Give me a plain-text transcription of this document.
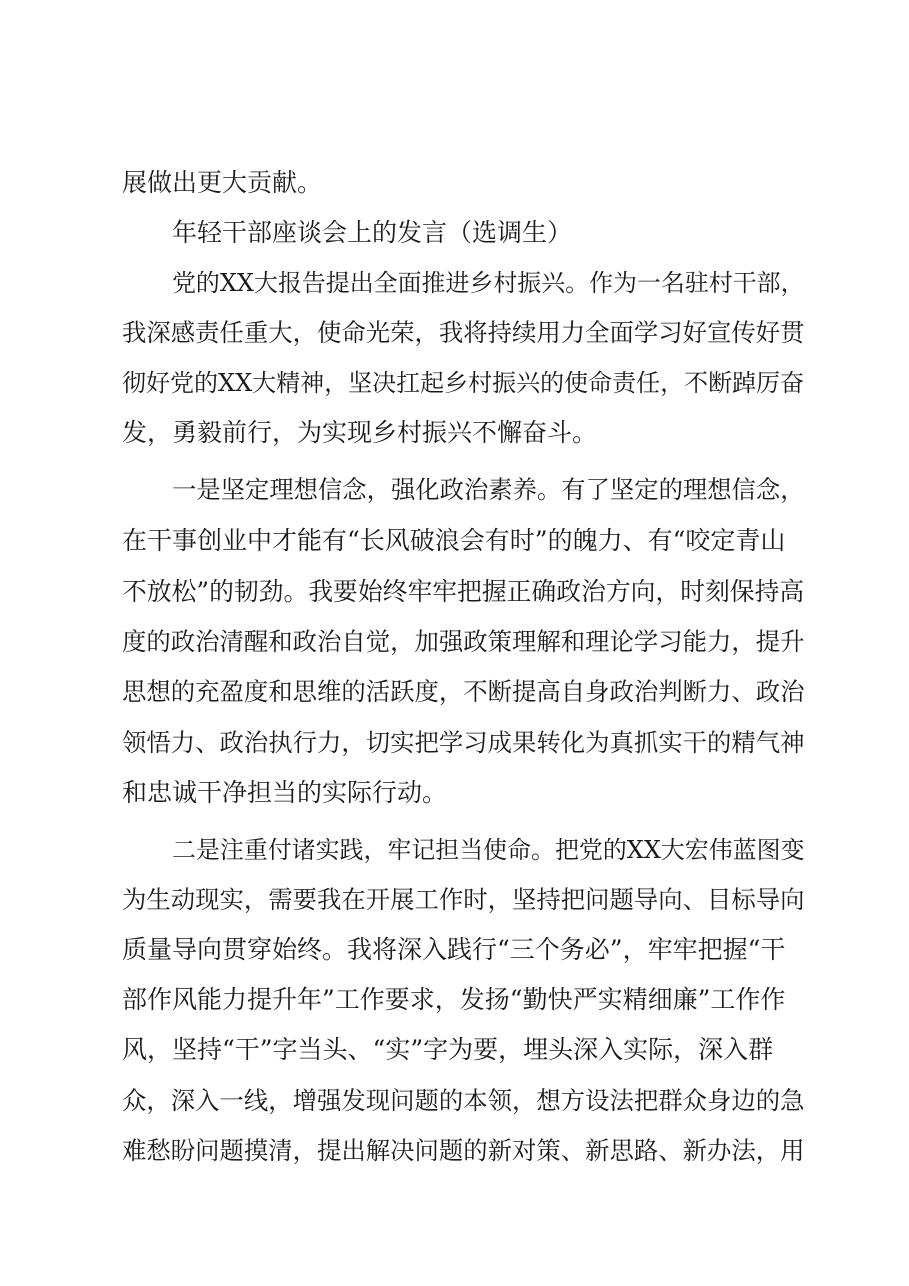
展做出更大贡献。

年轻干部座谈会上的发言（选调生）

党的XX大报告提出全面推进乡村振兴。作为一名驻村干部，

我深感责任重大，使命光荣，我将持续用力全面学习好宣传好贯

彻好党的XX大精神，坚决扛起乡村振兴的使命责任，不断踔厉奋

发，勇毅前行，为实现乡村振兴不懈奋斗。

一是坚定理想信念，强化政治素养。有了坚定的理想信念，

在干事创业中才能有“长风破浪会有时”的魄力、有“咬定青山

不放松”的韧劲。我要始终牢牢把握正确政治方向，时刻保持高

度的政治清醒和政治自觉，加强政策理解和理论学习能力，提升

思想的充盈度和思维的活跃度，不断提高自身政治判断力、政治

领悟力、政治执行力，切实把学习成果转化为真抓实干的精气神

和忠诚干净担当的实际行动。

二是注重付诸实践，牢记担当使命。把党的XX大宏伟蓝图变

为生动现实，需要我在开展工作时，坚持把问题导向、目标导向

质量导向贯穿始终。我将深入践行“三个务必”，牢牢把握“干

部作风能力提升年”工作要求，发扬“勤快严实精细廉”工作作

风，坚持“干”字当头、“实”字为要，埋头深入实际，深入群

众，深入一线，增强发现问题的本领，想方设法把群众身边的急

难愁盼问题摸清，提出解决问题的新对策、新思路、新办法，用
